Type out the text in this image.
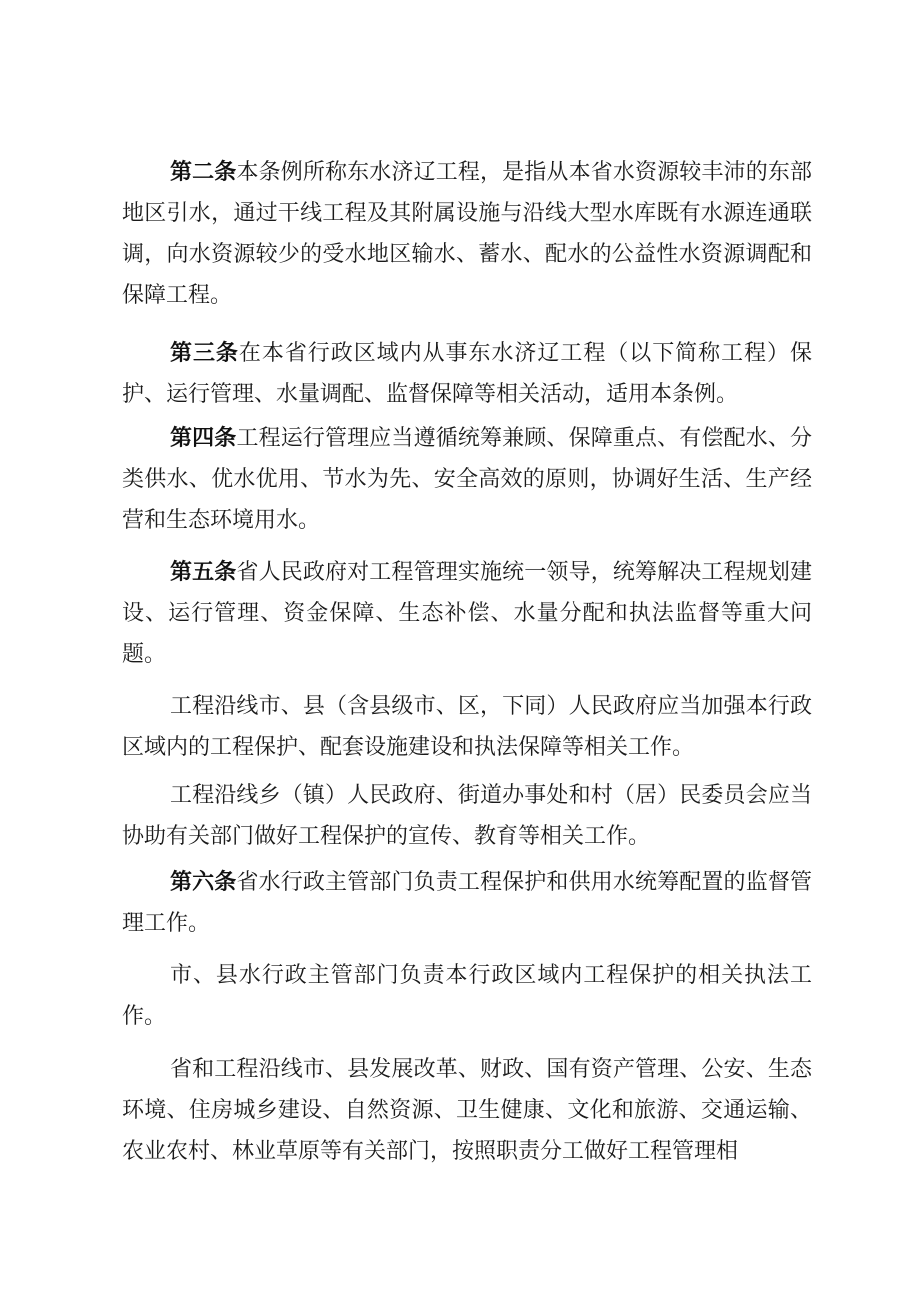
第二条本条例所称东水济辽工程，是指从本省水资源较丰沛的东部地区引水，通过干线工程及其附属设施与沿线大型水库既有水源连通联调，向水资源较少的受水地区输水、蓄水、配水的公益性水资源调配和保障工程。

第三条在本省行政区域内从事东水济辽工程（以下简称工程）保护、运行管理、水量调配、监督保障等相关活动，适用本条例。

第四条工程运行管理应当遵循统筹兼顾、保障重点、有偿配水、分类供水、优水优用、节水为先、安全高效的原则，协调好生活、生产经营和生态环境用水。

第五条省人民政府对工程管理实施统一领导，统筹解决工程规划建设、运行管理、资金保障、生态补偿、水量分配和执法监督等重大问题。

工程沿线市、县（含县级市、区，下同）人民政府应当加强本行政区域内的工程保护、配套设施建设和执法保障等相关工作。

工程沿线乡（镇）人民政府、街道办事处和村（居）民委员会应当协助有关部门做好工程保护的宣传、教育等相关工作。

第六条省水行政主管部门负责工程保护和供用水统筹配置的监督管理工作。

市、县水行政主管部门负责本行政区域内工程保护的相关执法工作。

省和工程沿线市、县发展改革、财政、国有资产管理、公安、生态环境、住房城乡建设、自然资源、卫生健康、文化和旅游、交通运输、农业农村、林业草原等有关部门，按照职责分工做好工程管理相
